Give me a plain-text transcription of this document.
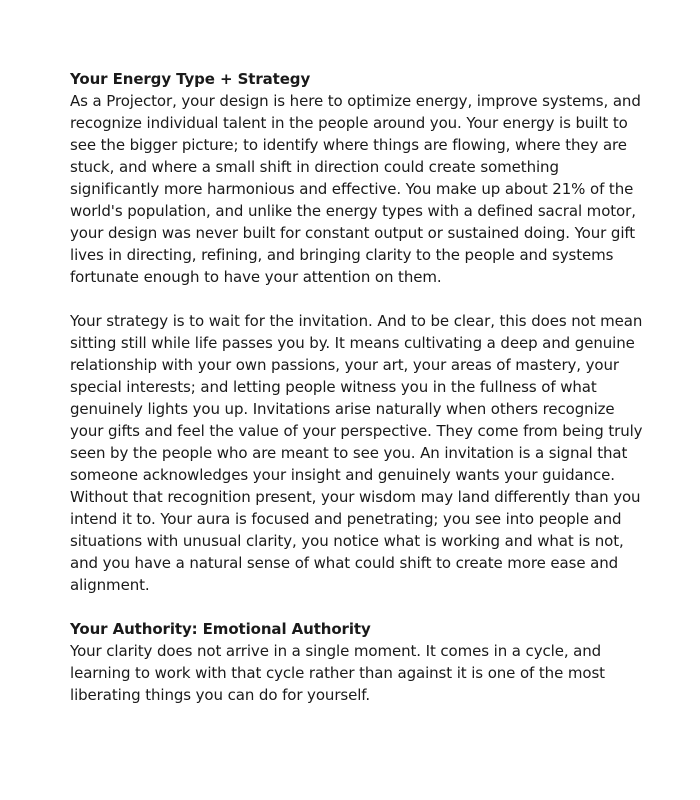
Your Energy Type + Strategy

As a Projector, your design is here to optimize energy, improve systems, and recognize individual talent in the people around you. Your energy is built to see the bigger picture; to identify where things are flowing, where they are stuck, and where a small shift in direction could create something significantly more harmonious and effective. You make up about 21% of the world's population, and unlike the energy types with a defined sacral motor, your design was never built for constant output or sustained doing. Your gift lives in directing, refining, and bringing clarity to the people and systems fortunate enough to have your attention on them.

Your strategy is to wait for the invitation. And to be clear, this does not mean sitting still while life passes you by. It means cultivating a deep and genuine relationship with your own passions, your art, your areas of mastery, your special interests; and letting people witness you in the fullness of what genuinely lights you up. Invitations arise naturally when others recognize your gifts and feel the value of your perspective. They come from being truly seen by the people who are meant to see you. An invitation is a signal that someone acknowledges your insight and genuinely wants your guidance. Without that recognition present, your wisdom may land differently than you intend it to. Your aura is focused and penetrating; you see into people and situations with unusual clarity, you notice what is working and what is not, and you have a natural sense of what could shift to create more ease and alignment.

Your Authority: Emotional Authority

Your clarity does not arrive in a single moment. It comes in a cycle, and learning to work with that cycle rather than against it is one of the most liberating things you can do for yourself.
